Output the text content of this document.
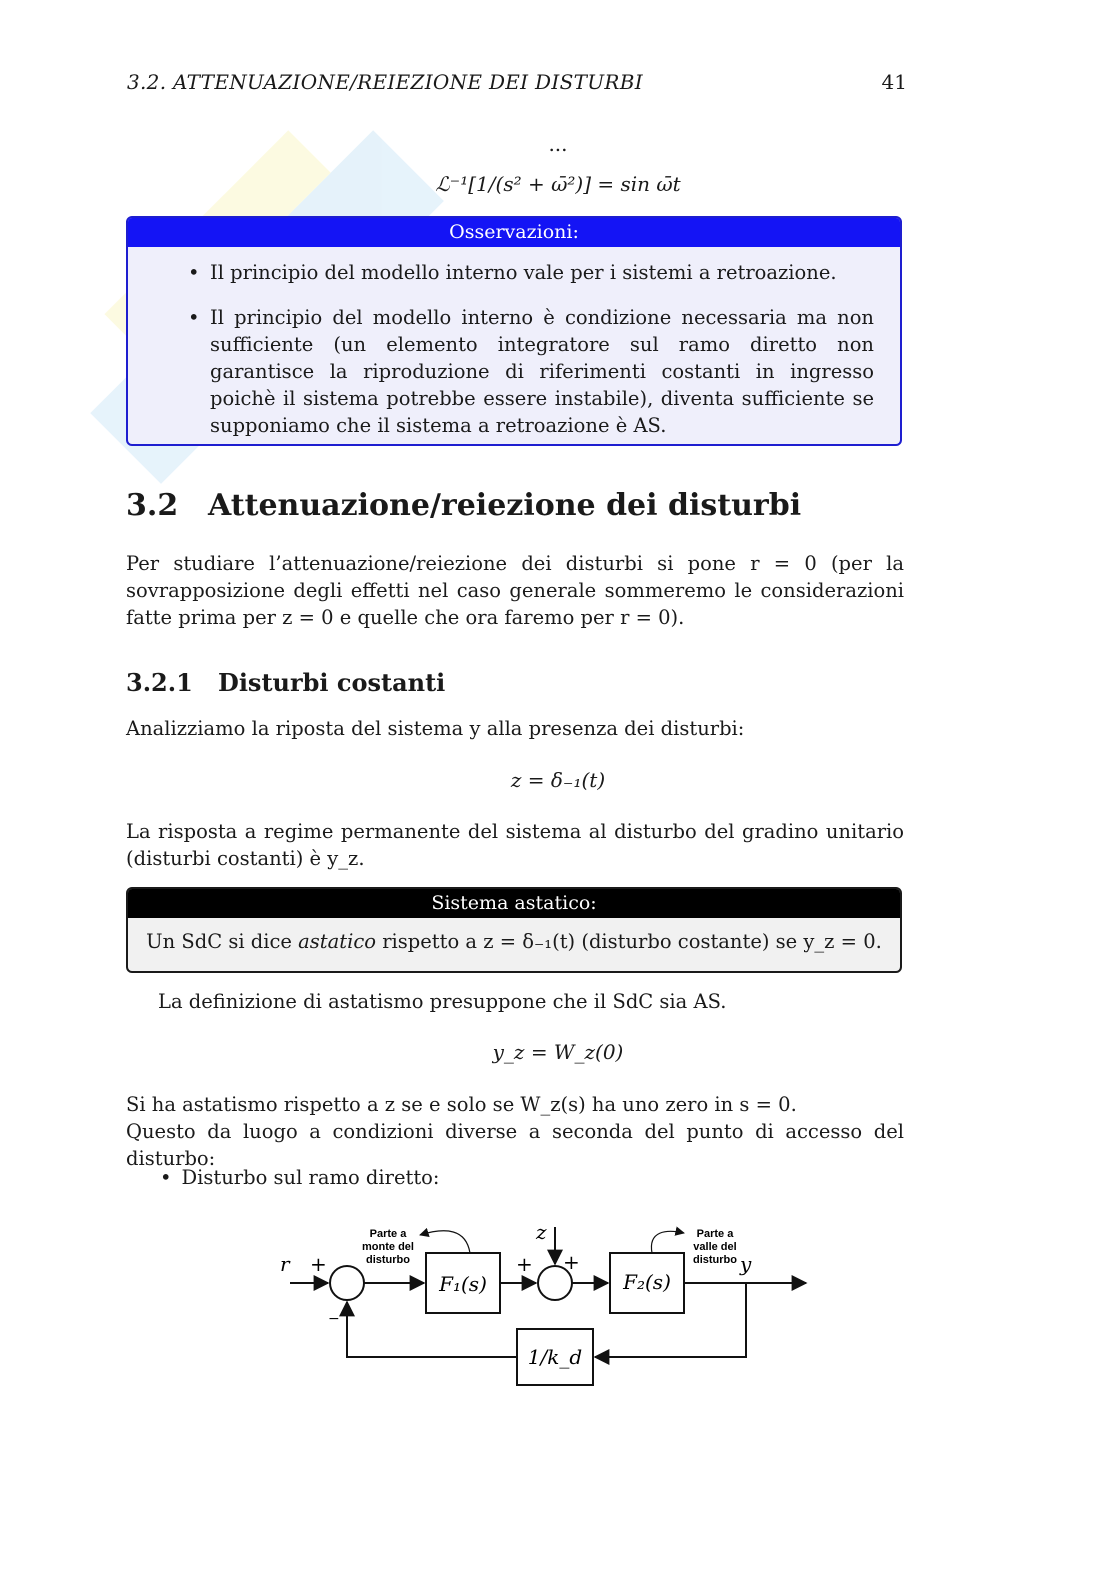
3.2. ATTENUAZIONE/REIEZIONE DEI DISTURBI	41
...
ℒ⁻¹[1/(s² + ω̄²)] = sin ω̄t
Osservazioni:
• Il principio del modello interno vale per i sistemi a retroazione.
• Il principio del modello interno è condizione necessaria ma non sufficiente (un elemento integratore sul ramo diretto non garantisce la riproduzione di riferimenti costanti in ingresso poichè il sistema potrebbe essere instabile), diventa sufficiente se supponiamo che il sistema a retroazione è AS.
3.2 Attenuazione/reiezione dei disturbi
Per studiare l’attenuazione/reiezione dei disturbi si pone r = 0 (per la sovrapposizione degli effetti nel caso generale sommeremo le considerazioni fatte prima per z = 0 e quelle che ora faremo per r = 0).
3.2.1 Disturbi costanti
Analizziamo la riposta del sistema y alla presenza dei disturbi:
z = δ₋₁(t)
La risposta a regime permanente del sistema al disturbo del gradino unitario (disturbi costanti) è y_z.
Sistema astatico:
Un SdC si dice astatico rispetto a z = δ₋₁(t) (disturbo costante) se y_z = 0.
La definizione di astatismo presuppone che il SdC sia AS.
y_z = W_z(0)
Si ha astatismo rispetto a z se e solo se W_z(s) ha uno zero in s = 0.
Questo da luogo a condizioni diverse a seconda del punto di accesso del disturbo:
• Disturbo sul ramo diretto:
r +
−
F₁(s)
Parte a
monte del
disturbo	+
z
+
F₂(s)
Parte a
valle del
disturbo y
1/k_d
